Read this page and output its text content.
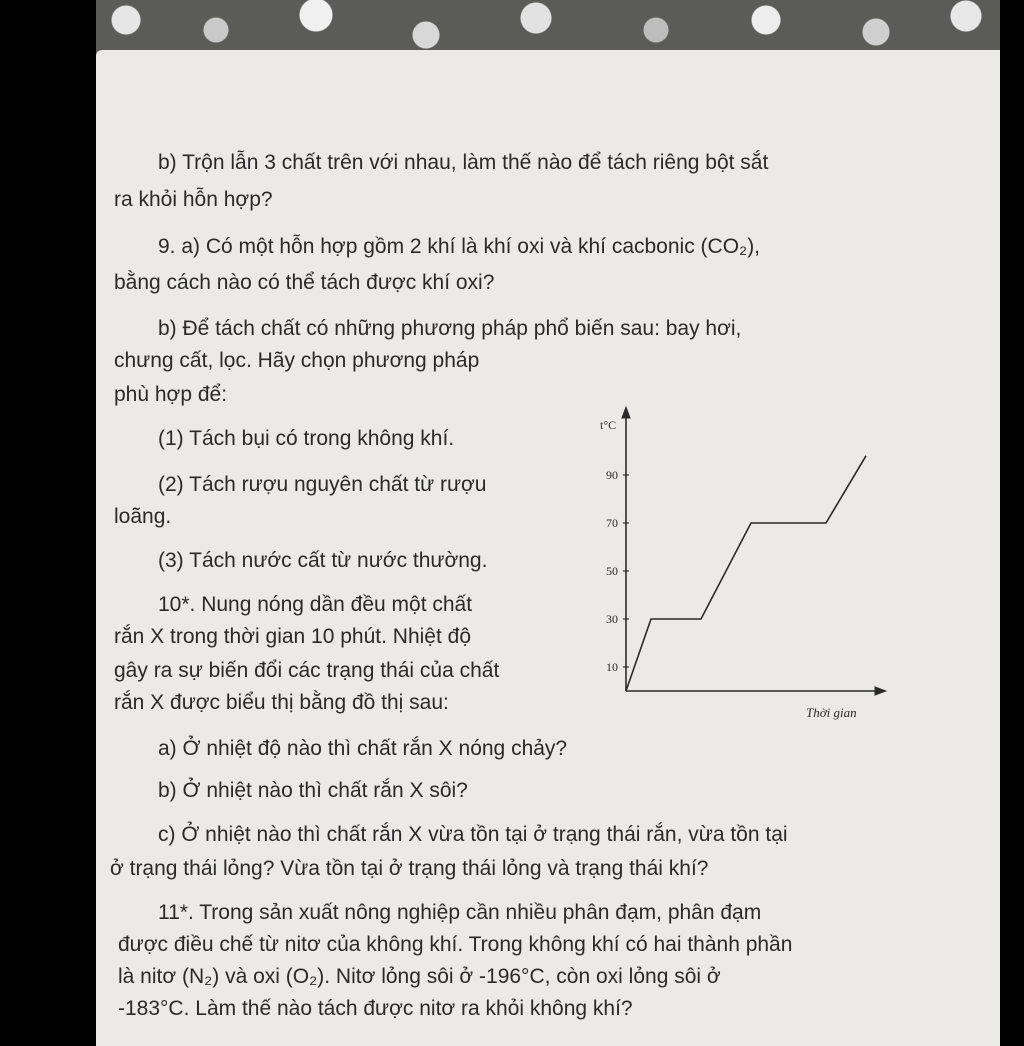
b) Trộn lẫn 3 chất trên với nhau, làm thế nào để tách riêng bột sắt
ra khỏi hỗn hợp?
9. a) Có một hỗn hợp gồm 2 khí là khí oxi và khí cacbonic (CO₂),
bằng cách nào có thể tách được khí oxi?
b) Để tách chất có những phương pháp phổ biến sau: bay hơi,
chưng cất, lọc. Hãy chọn phương pháp
phù hợp để:
(1) Tách bụi có trong không khí.
(2) Tách rượu nguyên chất từ rượu
loãng.
(3) Tách nước cất từ nước thường.
10*. Nung nóng dần đều một chất
rắn X trong thời gian 10 phút. Nhiệt độ
gây ra sự biến đổi các trạng thái của chất
rắn X được biểu thị bằng đồ thị sau:
a) Ở nhiệt độ nào thì chất rắn X nóng chảy?
b) Ở nhiệt nào thì chất rắn X sôi?
c) Ở nhiệt nào thì chất rắn X vừa tồn tại ở trạng thái rắn, vừa tồn tại
ở trạng thái lỏng? Vừa tồn tại ở trạng thái lỏng và trạng thái khí?
11*. Trong sản xuất nông nghiệp cần nhiều phân đạm, phân đạm
được điều chế từ nitơ của không khí. Trong không khí có hai thành phần
là nitơ (N₂) và oxi (O₂). Nitơ lỏng sôi ở -196°C, còn oxi lỏng sôi ở
-183°C. Làm thế nào tách được nitơ ra khỏi không khí?
t°C
Thời gian
10
30
50
70
90
